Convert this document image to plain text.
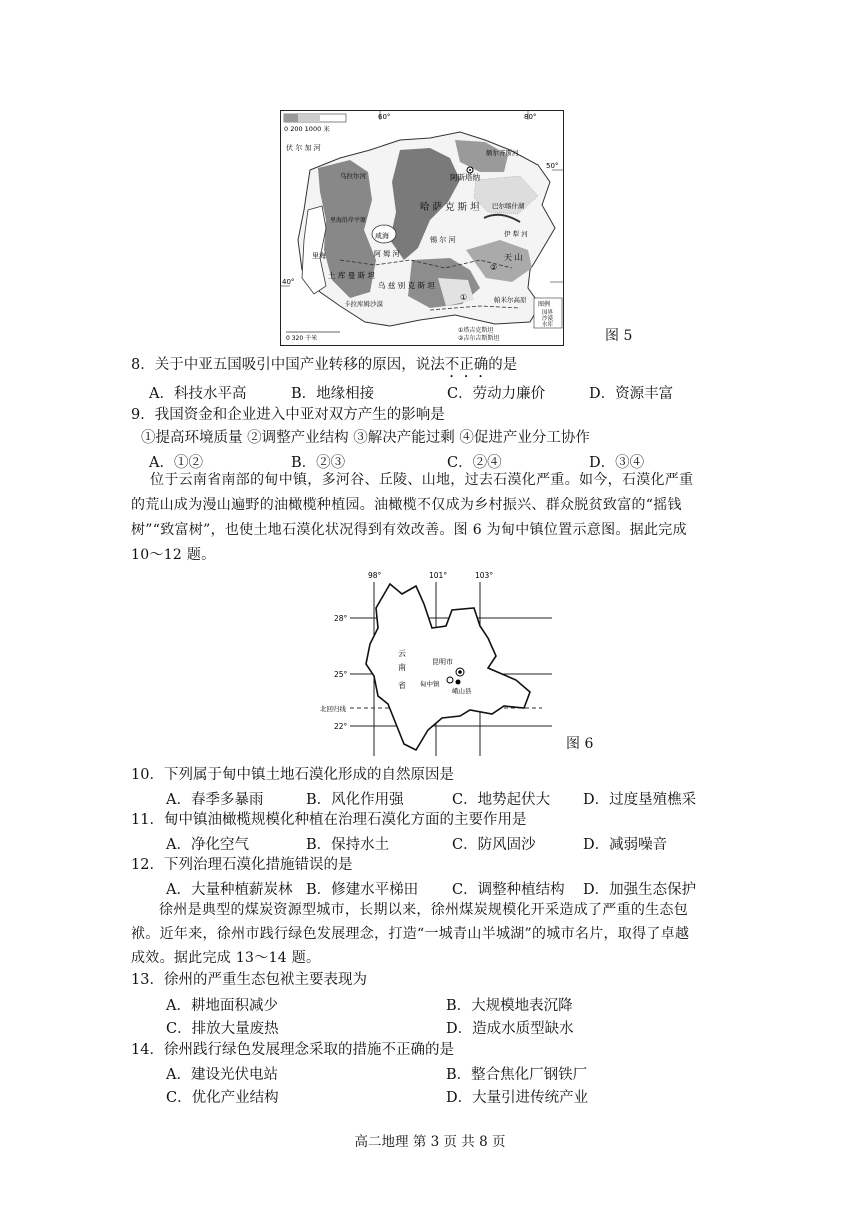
0 200 1000 米
60°	80°
50°
40°
阿斯塔纳
哈 萨 克 斯 坦
乌 兹 别 克 斯 坦
土 库 曼 斯 坦
里海
咸海
巴尔喀什湖
卡拉库姆沙漠	帕米尔高原
天 山
伏 尔 加 河
乌拉尔河
额尔齐斯河
伊 犁 河
锡 尔 河
阿 姆 河
里海沿岸平原
②
①
0 320 千米
图例
国界
沙漠
水库
①塔吉克斯坦
②吉尔吉斯斯坦	图 5
8．关于中亚五国吸引中国产业转移的原因，说法不正确的是
A．科技水平高	B．地缘相接	C．劳动力廉价	D．资源丰富
9．我国资金和企业进入中亚对双方产生的影响是
①提高环境质量 ②调整产业结构 ③解决产能过剩 ④促进产业分工协作
A．①②	B．②③	C．②④	D．③④
位于云南省南部的甸中镇，多河谷、丘陵、山地，过去石漠化严重。如今，石漠化严重
的荒山成为漫山遍野的油橄榄种植园。油橄榄不仅成为乡村振兴、群众脱贫致富的“摇钱
树”“致富树”，也使土地石漠化状况得到有效改善。图 6 为甸中镇位置示意图。据此完成
10～12 题。
98°	101°	103°
28°
25°
22°
北回归线
云
南
省
昆明市
甸中镇
峨山县
图 6
10．下列属于甸中镇土地石漠化形成的自然原因是
A．春季多暴雨	B．风化作用强	C．地势起伏大 D．过度垦殖樵采
11．甸中镇油橄榄规模化种植在治理石漠化方面的主要作用是
A．净化空气	B．保持水土	C．防风固沙	D．减弱噪音
12．下列治理石漠化措施错误的是
A．大量种植薪炭林 B．修建水平梯田 C．调整种植结构 D．加强生态保护
徐州是典型的煤炭资源型城市，长期以来，徐州煤炭规模化开采造成了严重的生态包
袱。近年来，徐州市践行绿色发展理念，打造“一城青山半城湖”的城市名片，取得了卓越
成效。据此完成 13～14 题。
13．徐州的严重生态包袱主要表现为
A．耕地面积减少	B．大规模地表沉降
C．排放大量废热	D．造成水质型缺水
14．徐州践行绿色发展理念采取的措施不正确的是
A．建设光伏电站	B．整合焦化厂钢铁厂
C．优化产业结构	D．大量引进传统产业
高二地理 第 3 页 共 8 页
